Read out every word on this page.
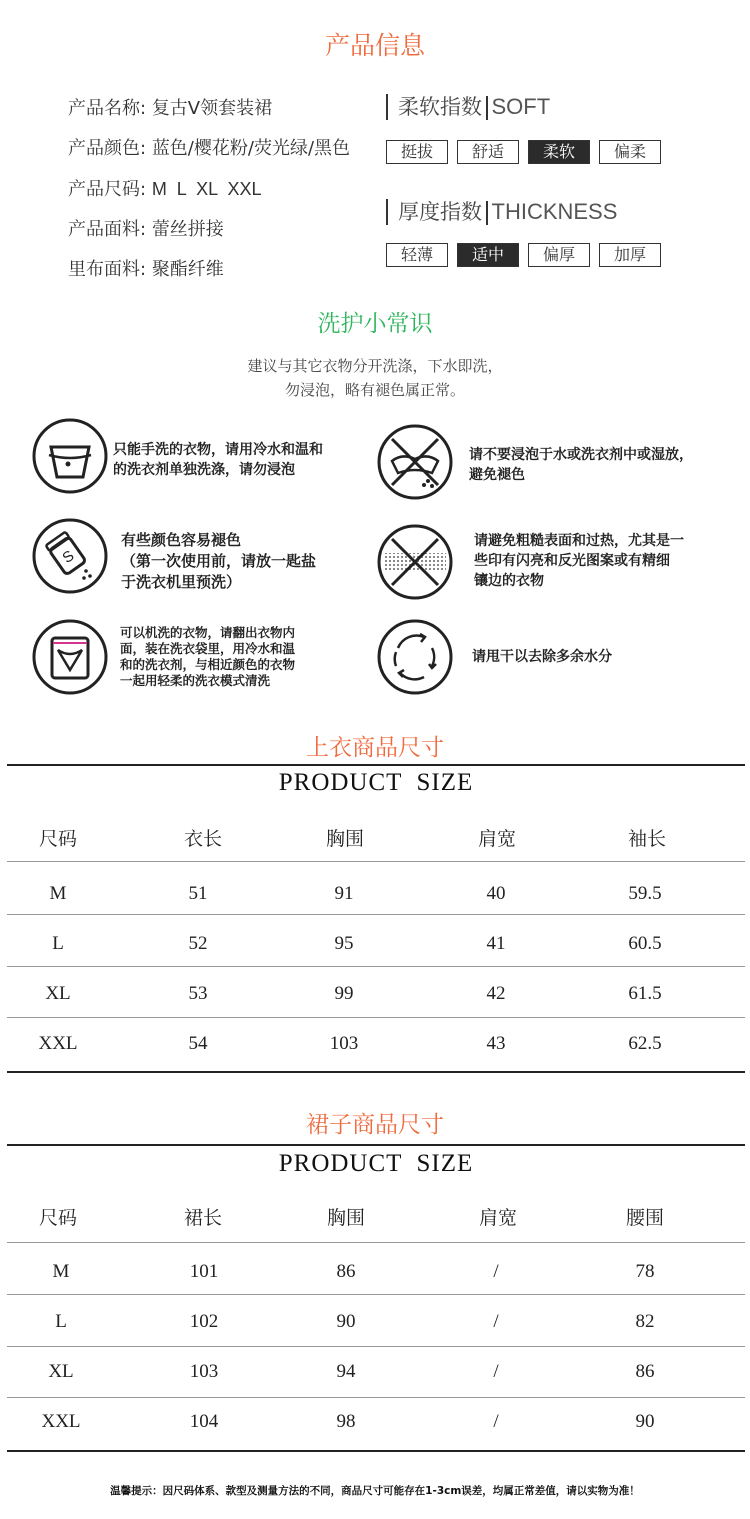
产品信息
产品名称: 复古V领套装裙
产品颜色: 蓝色/樱花粉/荧光绿/黑色
产品尺码: M  L  XL  XXL
产品面料: 蕾丝拼接
里布面料: 聚酯纤维
柔软指数 SOFT
挺拔	舒适	柔软	偏柔
厚度指数 THICKNESS
轻薄	适中	偏厚	加厚
洗护小常识
建议与其它衣物分开洗涤，下水即洗，
勿浸泡，略有褪色属正常。
只能手洗的衣物，请用冷水和温和
的洗衣剂单独洗涤，请勿浸泡
请不要浸泡于水或洗衣剂中或湿放，
避免褪色
S
有些颜色容易褪色
（第一次使用前，请放一匙盐
于洗衣机里预洗）
请避免粗糙表面和过热，尤其是一
些印有闪亮和反光图案或有精细
镶边的衣物
可以机洗的衣物，请翻出衣物内
面，装在洗衣袋里，用冷水和温
和的洗衣剂，与相近颜色的衣物
一起用轻柔的洗衣模式清洗
请甩干以去除多余水分
上衣商品尺寸
PRODUCT  SIZE
尺码	衣长	胸围	肩宽	袖长
M	51	91	40	59.5
L	52	95	41	60.5
XL	53	99	42	61.5
XXL	54	103	43	62.5
裙子商品尺寸
PRODUCT  SIZE
尺码	裙长	胸围	肩宽	腰围
M	101	86	/	78
L	102	90	/	82
XL	103	94	/	86
XXL	104	98	/	90
温馨提示：因尺码体系、款型及测量方法的不同，商品尺寸可能存在1-3cm误差，均属正常差值，请以实物为准！
